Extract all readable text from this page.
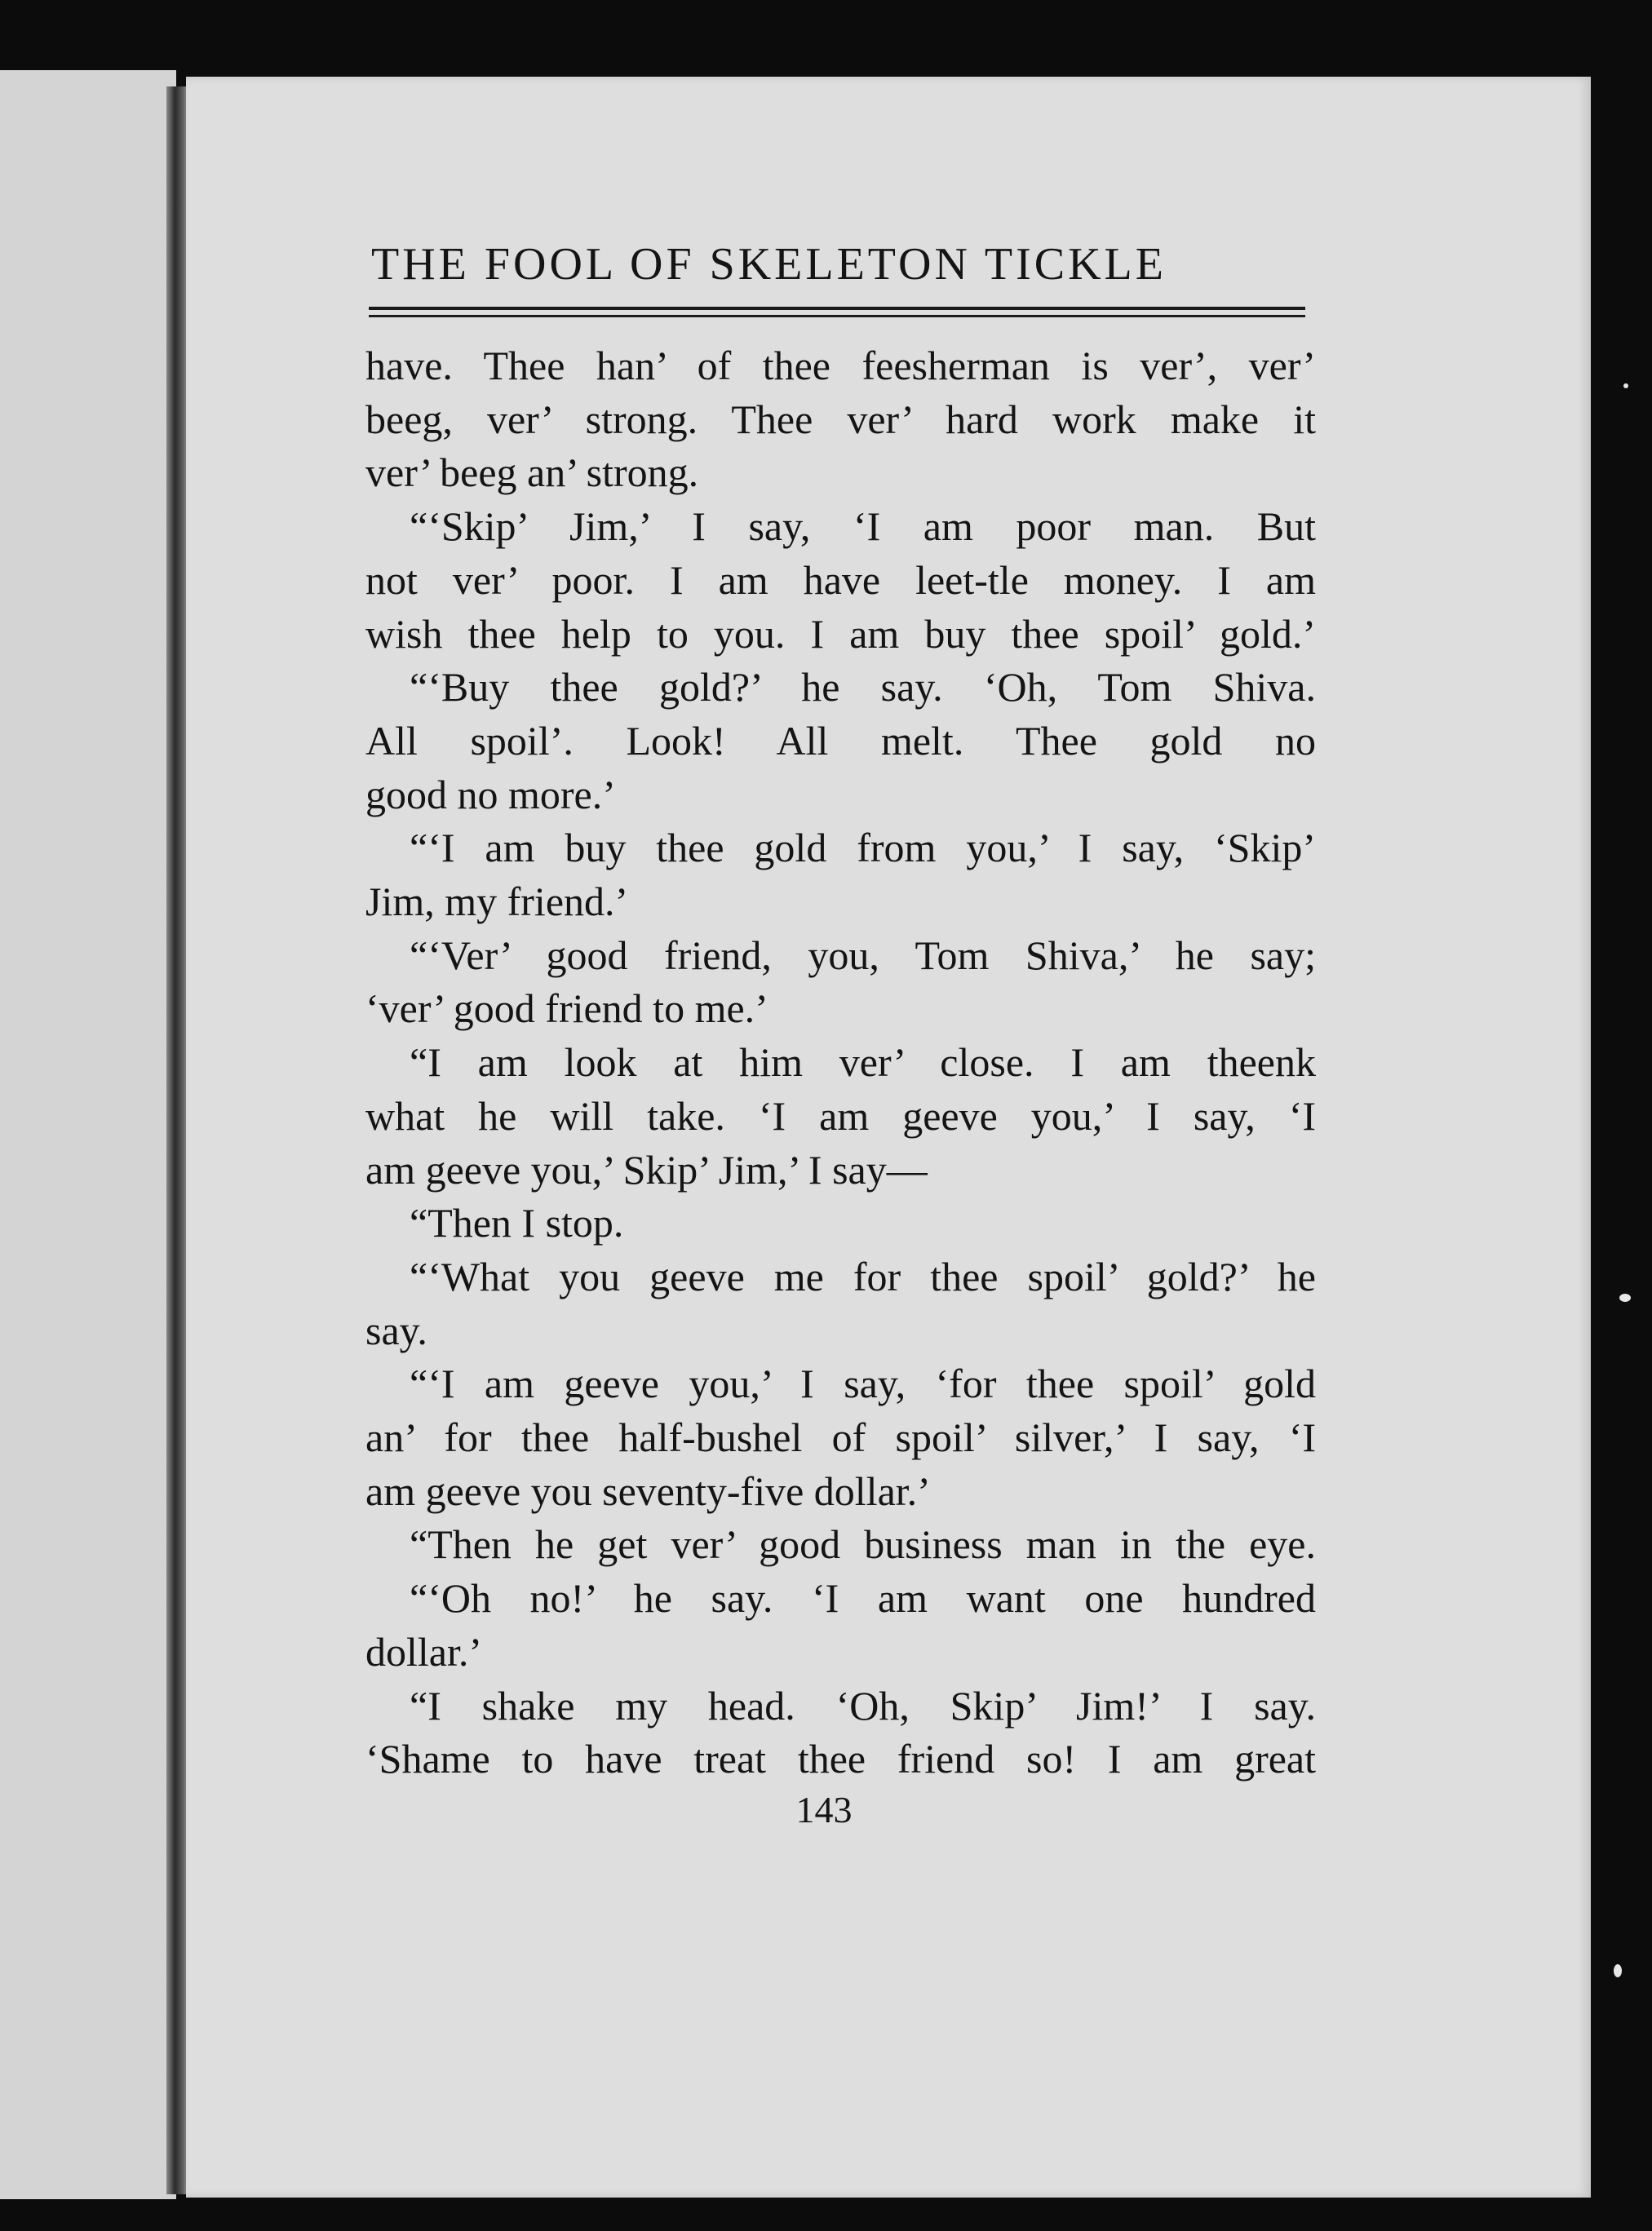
THE FOOL OF SKELETON TICKLE
have. Thee han’ of thee feesherman is ver’, ver’
beeg, ver’ strong. Thee ver’ hard work make it
ver’ beeg an’ strong.
“‘Skip’ Jim,’ I say, ‘I am poor man. But
not ver’ poor. I am have leet-tle money. I am
wish thee help to you. I am buy thee spoil’ gold.’
“‘Buy thee gold?’ he say. ‘Oh, Tom Shiva.
All spoil’. Look! All melt. Thee gold no
good no more.’
“‘I am buy thee gold from you,’ I say, ‘Skip’
Jim, my friend.’
“‘Ver’ good friend, you, Tom Shiva,’ he say;
‘ver’ good friend to me.’
“I am look at him ver’ close. I am theenk
what he will take. ‘I am geeve you,’ I say, ‘I
am geeve you,’ Skip’ Jim,’ I say—
“Then I stop.
“‘What you geeve me for thee spoil’ gold?’ he
say.
“‘I am geeve you,’ I say, ‘for thee spoil’ gold
an’ for thee half-bushel of spoil’ silver,’ I say, ‘I
am geeve you seventy-five dollar.’
“Then he get ver’ good business man in the eye.
“‘Oh no!’ he say. ‘I am want one hundred
dollar.’
“I shake my head. ‘Oh, Skip’ Jim!’ I say.
‘Shame to have treat thee friend so! I am great
143
